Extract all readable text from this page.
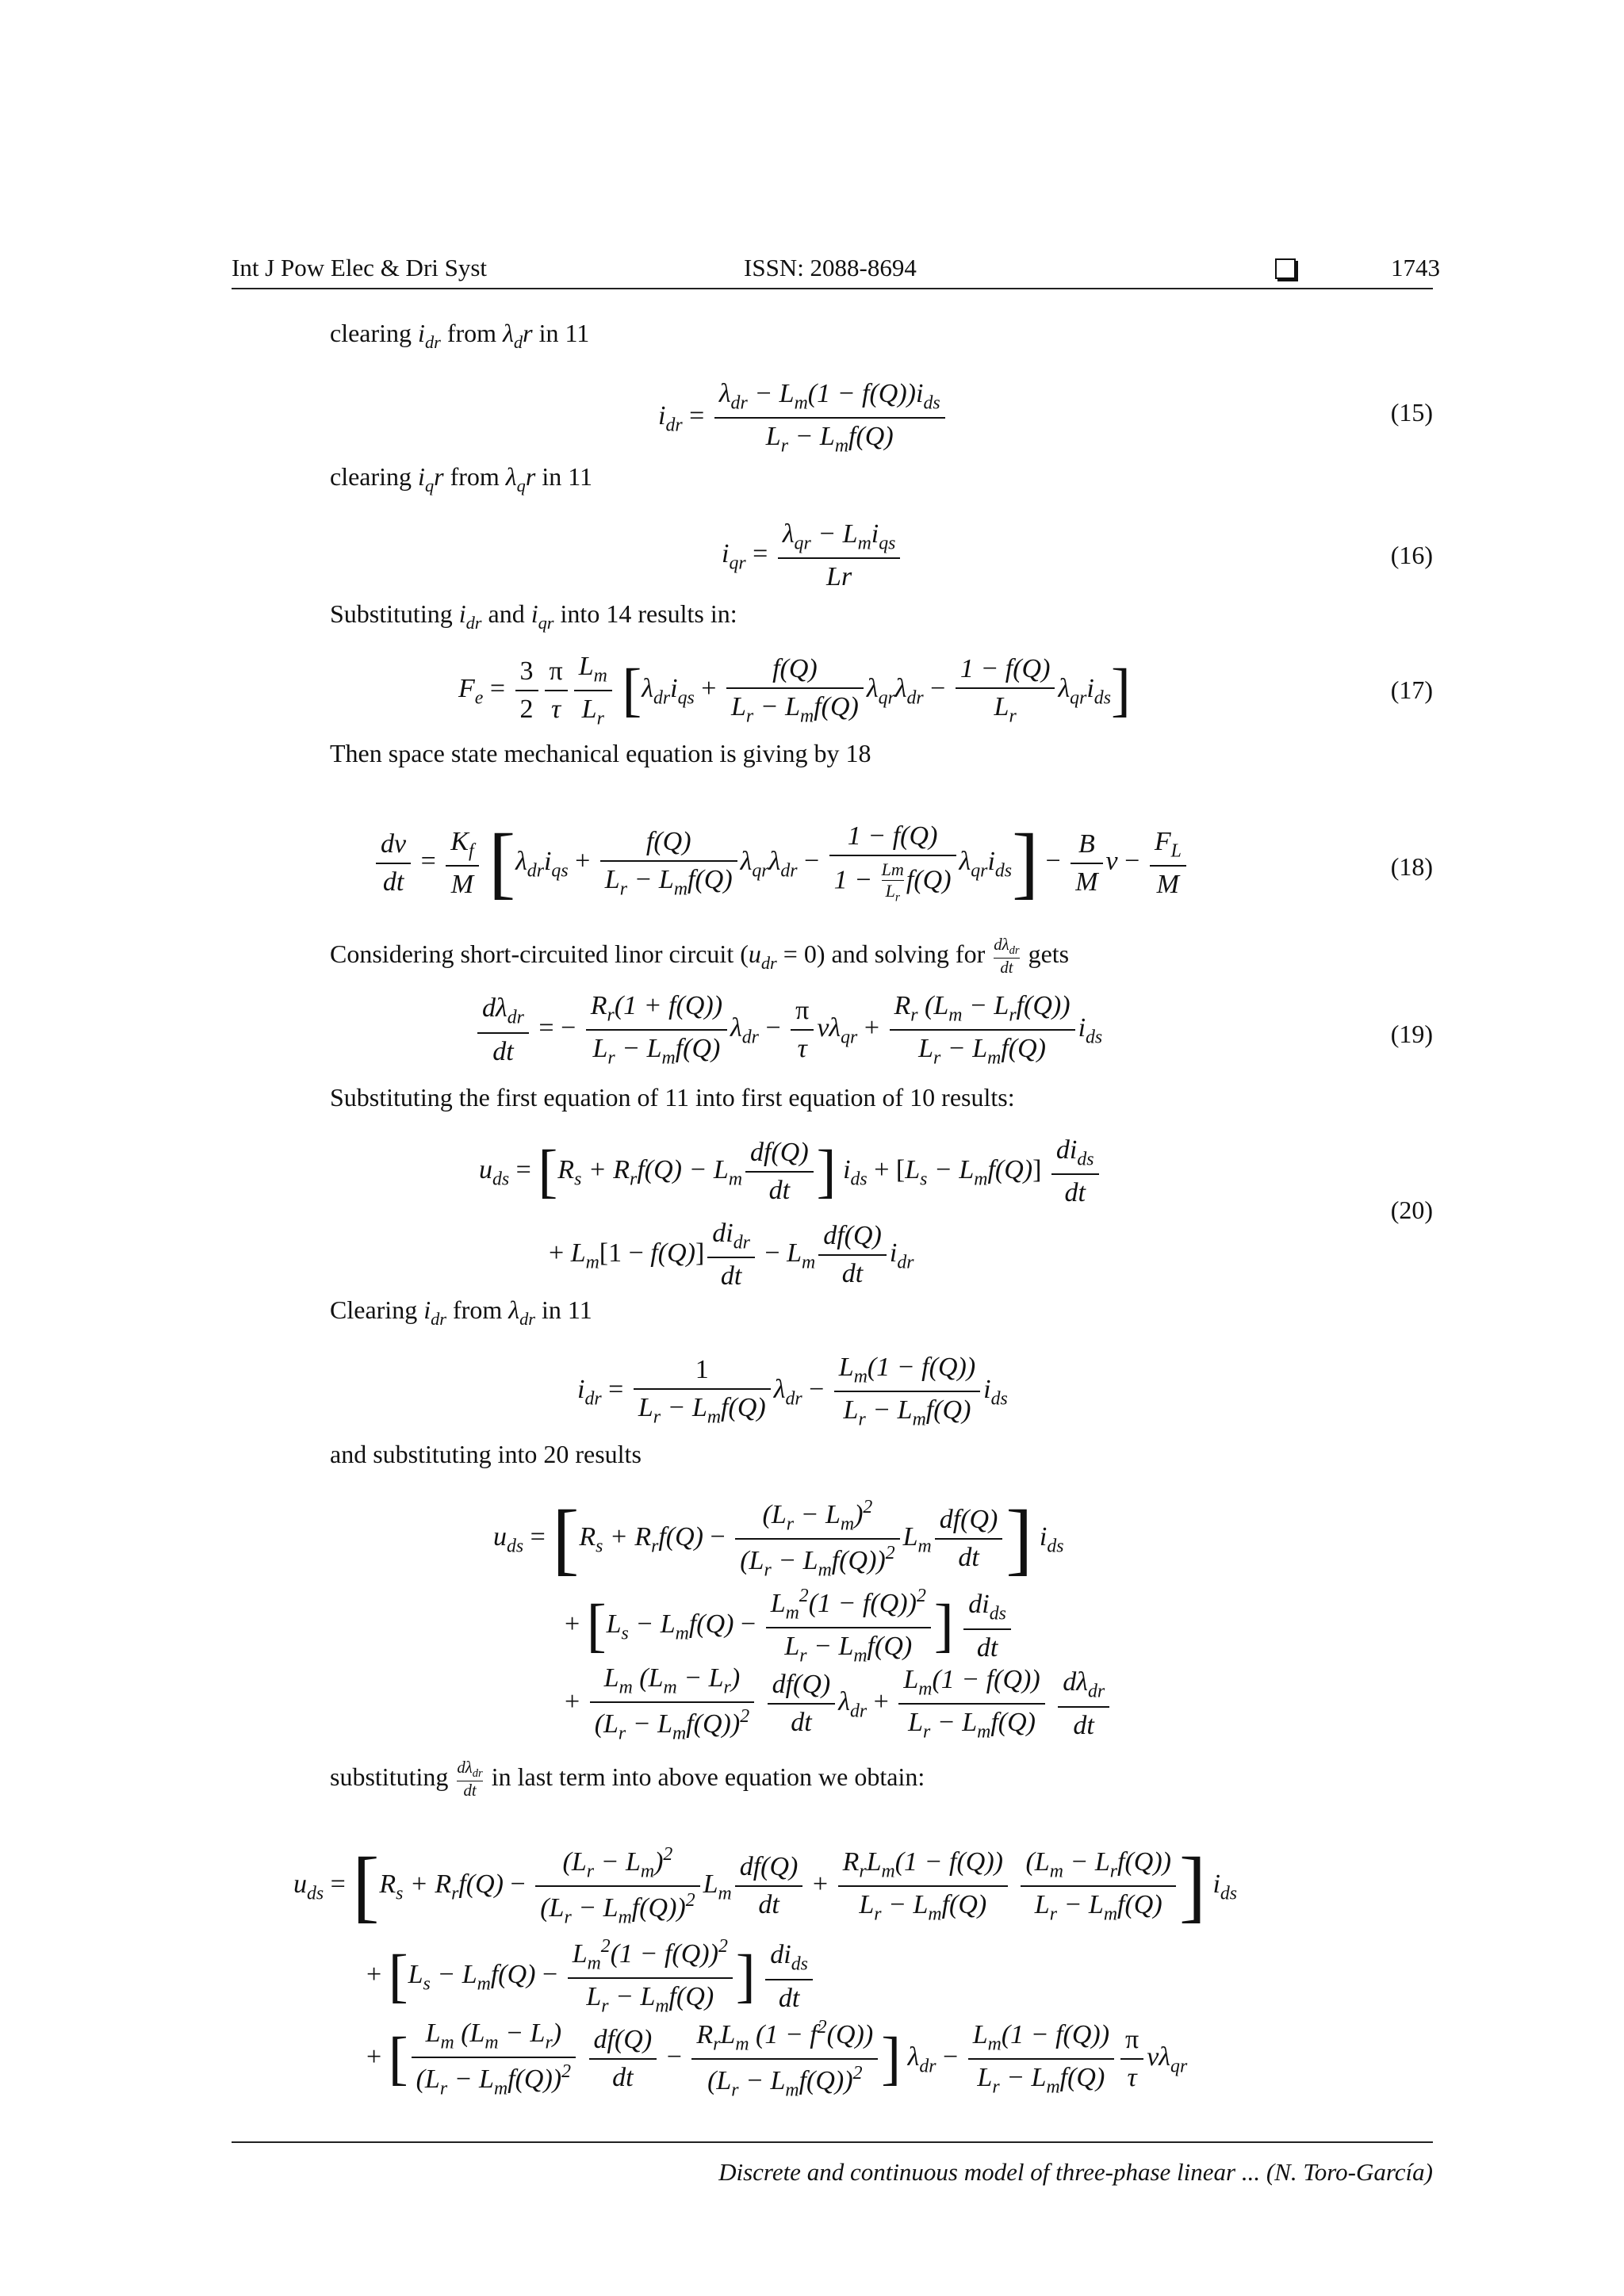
Int J Pow Elec & Dri Syst	ISSN: 2088-8694	1743
clearing $i_{dr}$ from $\lambda_dr$ in 11
$i_{dr} = \frac{\lambda_{dr} - L_m(1 - f(Q))i_{ds}}{L_r - L_mf(Q)}$	(15)
clearing $i_qr$ from $\lambda_qr$ in 11
$i_{qr} = \frac{\lambda_{qr} - L_mi_{qs}}{Lr}$	(16)
Substituting $i_{dr}$ and $i_{qr}$ into 14 results in:
$F_e = \frac{3}{2} \frac{\pi}{\tau} \frac{L_m}{L_r} [\lambda_{dr}i_{qs} + \frac{f(Q)}{L_r - L_mf(Q)} \lambda_{qr}\lambda_{dr} - \frac{1 - f(Q)}{L_r} \lambda_{qr}i_{ds}]$	(17)
Then space state mechanical equation is giving by 18
$\frac{dv}{dt} = \frac{K_f}{M} [\lambda_{dr}i_{qs} + \frac{f(Q)}{L_r - L_mf(Q)} \lambda_{qr}\lambda_{dr} - \frac{1 - f(Q)}{1 - \frac{Lm}{L_r} f(Q)} \lambda_{qr}i_{ds}] - \frac{B}{M}$ $v - \frac{F_L}{M}$	(18)
Considering short-circuited linor circuit $(u_{dr} = 0)$ and solving for $\frac{d\lambda_{dr}}{dt}$ gets
$\frac{d\lambda_{dr}}{dt}$ = − $\frac{R_r(1 + f(Q))}{L_r - L_mf(Q)} \lambda_{dr} - \frac{\pi}{\tau} v\lambda_{qr} + \frac{R_r (L_m - L_rf(Q))}{L_r - L_mf(Q)} i_{ds}$	(19)
Substituting the first equation of 11 into first equation of 10 results:
$u_{ds} = [R_s + R_rf(Q) - L_m \frac{df(Q)}{dt}$ ] $i_{ds} + [L_s - L_mf(Q)] \frac{di_{ds}}{dt}$
+ $L_m[1 - f(Q)] \frac{di_{dr}}{dt} - L_m \frac{df(Q)}{dt} i_{dr}$
(20)
Clearing $i_{dr}$ from $\lambda_{dr}$ in 11
$i_{dr} = \frac{1}{L_r - L_mf(Q)} \lambda_{dr} - \frac{L_m(1 - f(Q))}{L_r - L_mf(Q)} i_{ds}$
and substituting into 20 results
$u_{ds} = [R_s + R_rf(Q) - \frac{(L_r - L_m)^2}{(L_r - L_mf(Q))^2} L_m \frac{df(Q)}{dt}$ ] $i_{ds}$
+ [$L_s - L_mf(Q) - \frac{L_m^2(1 - f(Q))^2}{L_r - L_mf(Q)}$ ] $\frac{di_{ds}}{dt}$
+ $\frac{L_m (L_m - L_r)}{(L_r - L_mf(Q))^2}$
$\frac{df(Q)}{dt} \lambda_{dr} + \frac{L_m(1 - f(Q))}{L_r - L_mf(Q)}$
$\frac{d\lambda_{dr}}{dt}$
substituting $\frac{d\lambda_{dr}}{dt}$ in last term into above equation we obtain:
$u_{ds} = [R_s + R_rf(Q) - \frac{(L_r - L_m)^2}{(L_r - L_mf(Q))^2} L_m \frac{df(Q)}{dt} + \frac{R_rL_m(1 - f(Q))}{L_r - L_mf(Q)}$
$\frac{(L_m - L_rf(Q))}{L_r - L_mf(Q)}$ ] $i_{ds}$
+ [$L_s - L_mf(Q) - \frac{L_m^2(1 - f(Q))^2}{L_r - L_mf(Q)}$ ] $\frac{di_{ds}}{dt}$
+ [ $\frac{L_m (L_m - L_r)}{(L_r - L_mf(Q))^2}$
$\frac{df(Q)}{dt} - \frac{R_rL_m (1 - f^2(Q))}{(L_r - L_mf(Q))^2}$ ] $\lambda_{dr} - \frac{L_m(1 - f(Q))}{L_r - L_mf(Q)} \frac{\pi}{\tau} v\lambda_{qr}$
Discrete and continuous model of three-phase linear ... (N. Toro-García)
